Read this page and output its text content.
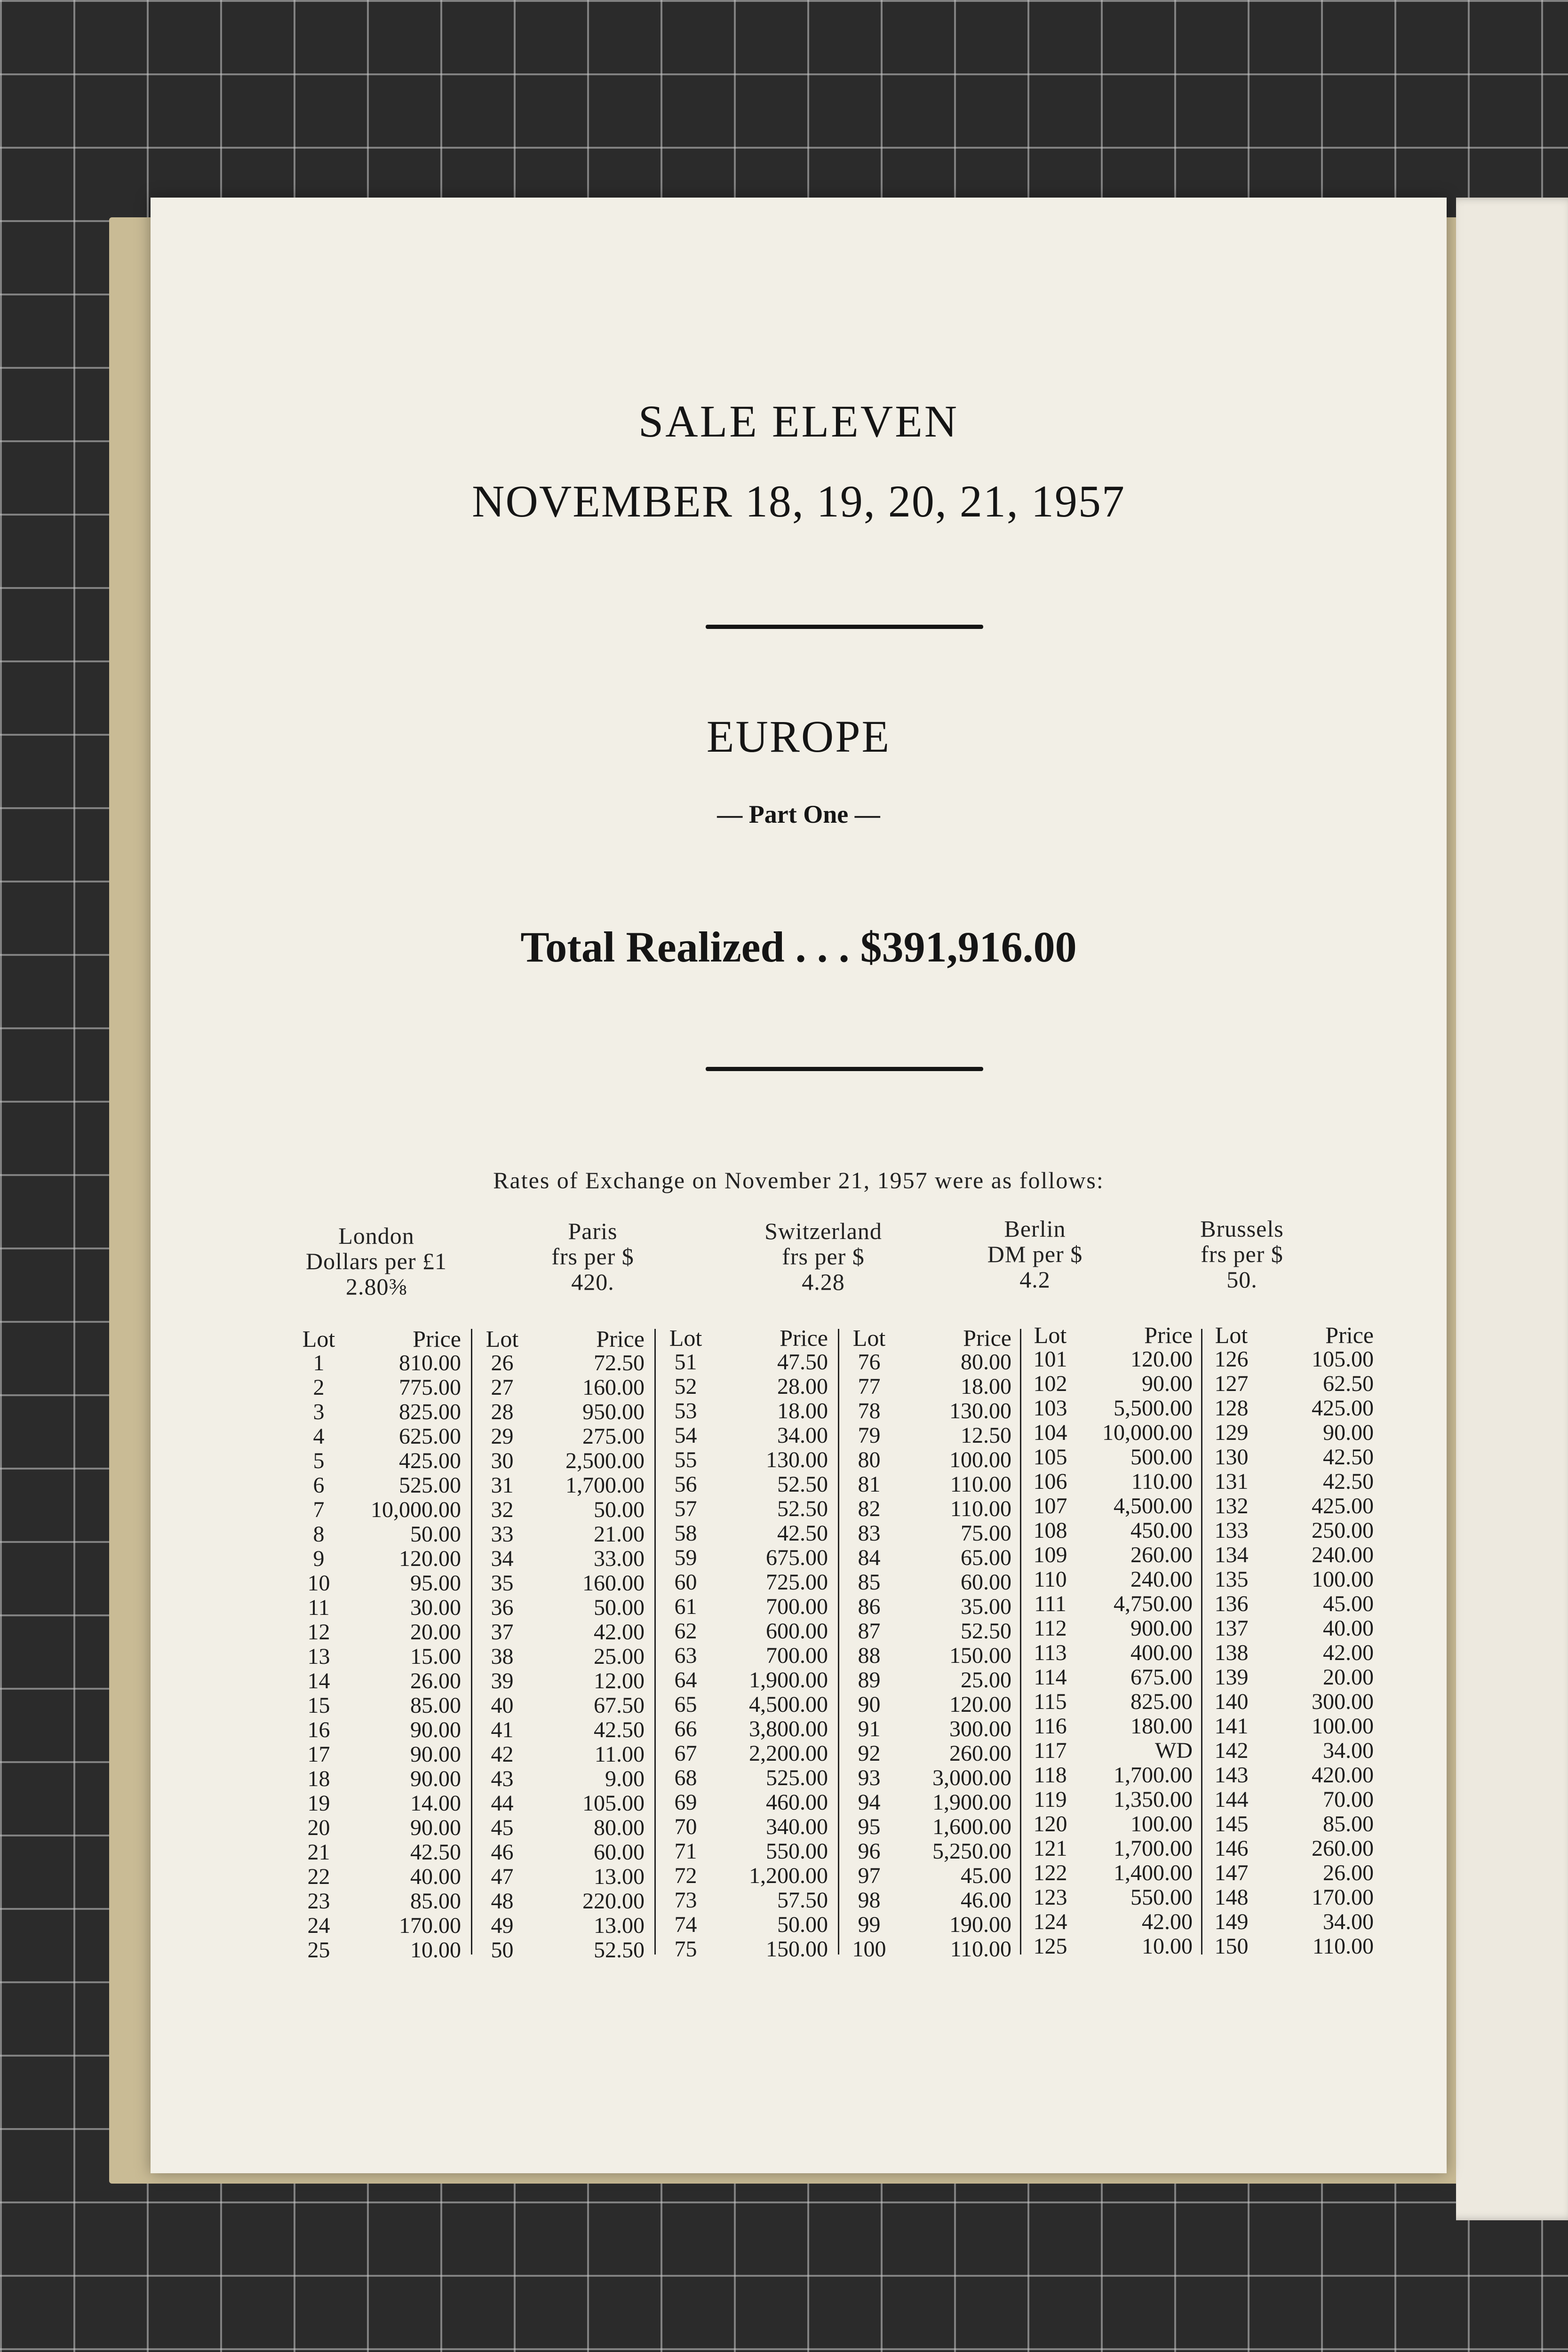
SALE ELEVEN
NOVEMBER 18, 19, 20, 21, 1957
EUROPE
— Part One —
Total Realized . . . $391,916.00
Rates of Exchange on November 21, 1957 were as follows:
London
Dollars per £1
2.80⅜
Paris
frs per $
420.
Switzerland
frs per $
4.28
Berlin
DM per $
4.2
Brussels
frs per $
50.
Lot	Price
1	810.00
2	775.00
3	825.00
4	625.00
5	425.00
6	525.00
7	10,000.00
8	50.00
9	120.00
10	95.00
11	30.00
12	20.00
13	15.00
14	26.00
15	85.00
16	90.00
17	90.00
18	90.00
19	14.00
20	90.00
21	42.50
22	40.00
23	85.00
24	170.00
25	10.00
Lot	Price
26	72.50
27	160.00
28	950.00
29	275.00
30	2,500.00
31	1,700.00
32	50.00
33	21.00
34	33.00
35	160.00
36	50.00
37	42.00
38	25.00
39	12.00
40	67.50
41	42.50
42	11.00
43	9.00
44	105.00
45	80.00
46	60.00
47	13.00
48	220.00
49	13.00
50	52.50
Lot	Price
51	47.50
52	28.00
53	18.00
54	34.00
55	130.00
56	52.50
57	52.50
58	42.50
59	675.00
60	725.00
61	700.00
62	600.00
63	700.00
64	1,900.00
65	4,500.00
66	3,800.00
67	2,200.00
68	525.00
69	460.00
70	340.00
71	550.00
72	1,200.00
73	57.50
74	50.00
75	150.00
Lot	Price
76	80.00
77	18.00
78	130.00
79	12.50
80	100.00
81	110.00
82	110.00
83	75.00
84	65.00
85	60.00
86	35.00
87	52.50
88	150.00
89	25.00
90	120.00
91	300.00
92	260.00
93	3,000.00
94	1,900.00
95	1,600.00
96	5,250.00
97	45.00
98	46.00
99	190.00
100	110.00
Lot	Price
101	120.00
102	90.00
103	5,500.00
104	10,000.00
105	500.00
106	110.00
107	4,500.00
108	450.00
109	260.00
110	240.00
111	4,750.00
112	900.00
113	400.00
114	675.00
115	825.00
116	180.00
117	WD
118	1,700.00
119	1,350.00
120	100.00
121	1,700.00
122	1,400.00
123	550.00
124	42.00
125	10.00
Lot	Price
126	105.00
127	62.50
128	425.00
129	90.00
130	42.50
131	42.50
132	425.00
133	250.00
134	240.00
135	100.00
136	45.00
137	40.00
138	42.00
139	20.00
140	300.00
141	100.00
142	34.00
143	420.00
144	70.00
145	85.00
146	260.00
147	26.00
148	170.00
149	34.00
150	110.00
